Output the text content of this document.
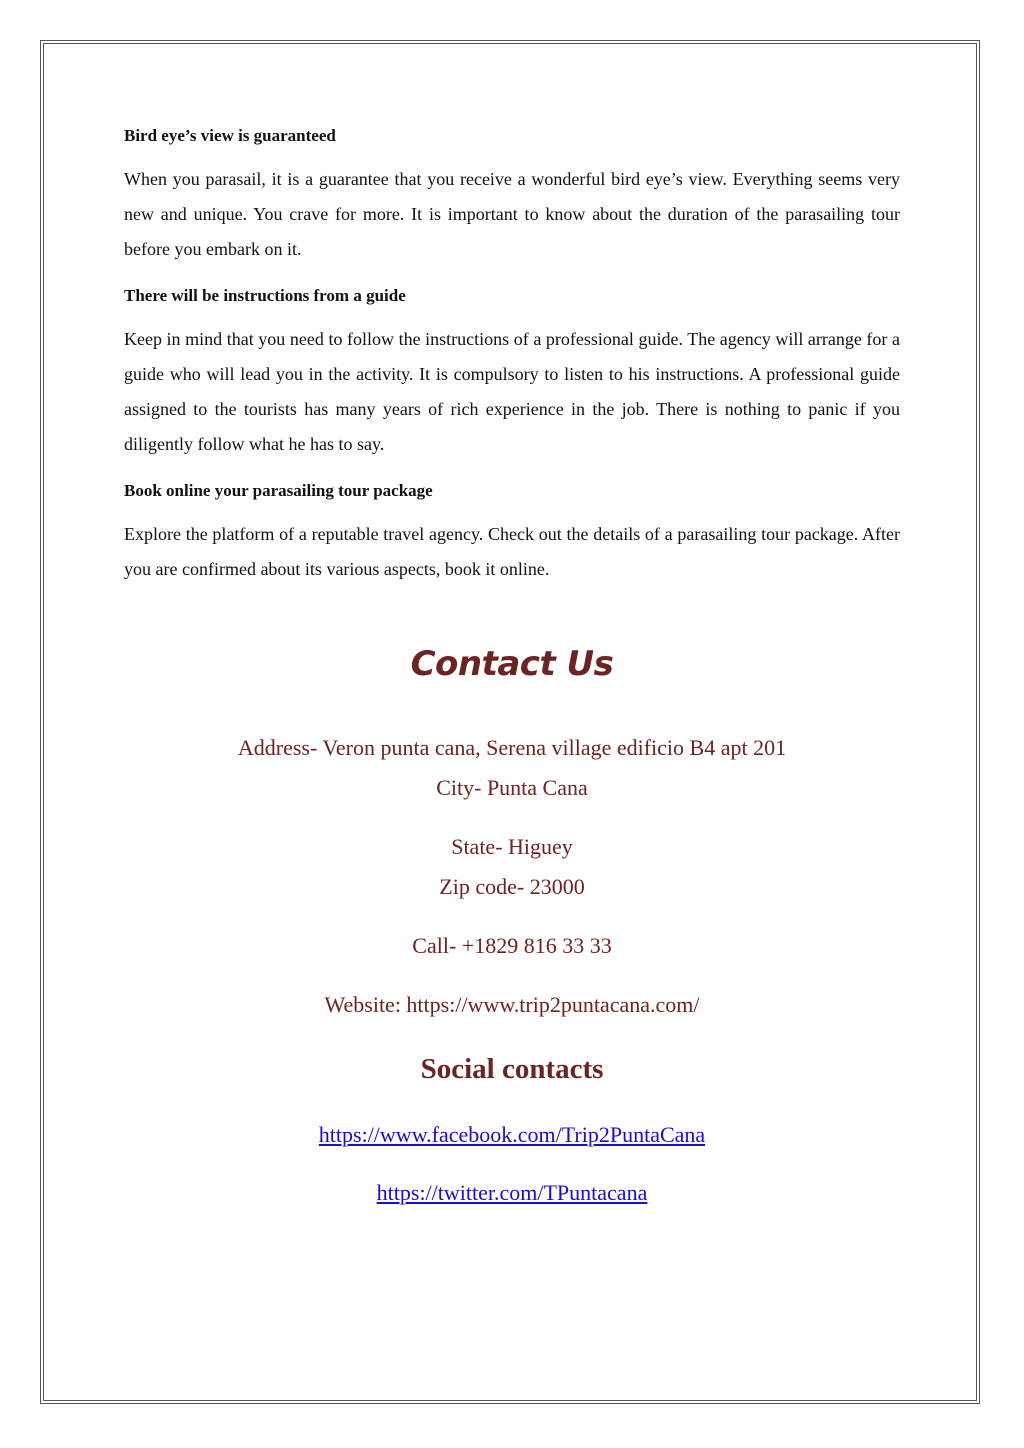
Bird eye’s view is guaranteed

When you parasail, it is a guarantee that you receive a wonderful bird eye’s view. Everything seems very new and unique. You crave for more. It is important to know about the duration of the parasailing tour before you embark on it.

There will be instructions from a guide

Keep in mind that you need to follow the instructions of a professional guide. The agency will arrange for a guide who will lead you in the activity. It is compulsory to listen to his instructions. A professional guide assigned to the tourists has many years of rich experience in the job. There is nothing to panic if you diligently follow what he has to say.

Book online your parasailing tour package

Explore the platform of a reputable travel agency. Check out the details of a parasailing tour package. After you are confirmed about its various aspects, book it online.

Contact Us

Address- Veron punta cana, Serena village edificio B4 apt 201

City- Punta Cana

State- Higuey

Zip code- 23000

Call- +1829 816 33 33

Website: https://www.trip2puntacana.com/

Social contacts
https://www.facebook.com/Trip2PuntaCana
https://twitter.com/TPuntacana
